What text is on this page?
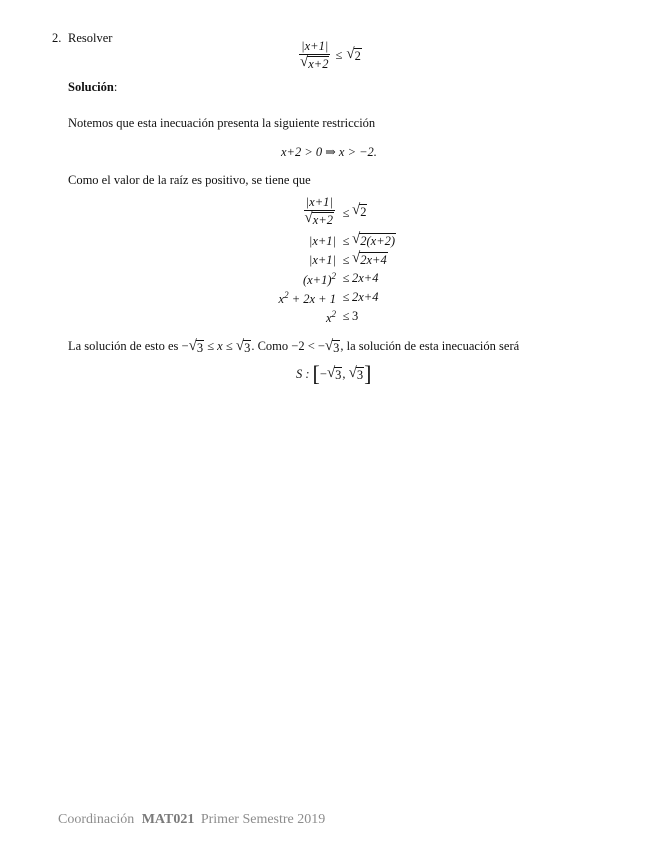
2. Resolver
$\frac{|x+1|}{√ x+2}$ ≤ √ 2
Solución:
Notemos que esta inecuación presenta la siguiente restricción
x+2 > 0 ⇒ x > −2.
Como el valor de la raíz es positivo, se tiene que
$\frac{|x+1|}{√ x+2}$ ≤ √ 2
|x+1| ≤ √ 2(x+2)
|x+1| ≤ √ 2x+4
$(x+1)^2 \le 2x+4$
$x^2 + 2x + 1 \le 2x+4$
$x^2 \le 3$
La solución de esto es − √ 3 ≤ x ≤ √ 3 . Como −2 < − √ 3 , la solución de esta inecuación será
S : [ − √ 3 , √ 3 ]
Coordinación MAT021 Primer Semestre 2019
